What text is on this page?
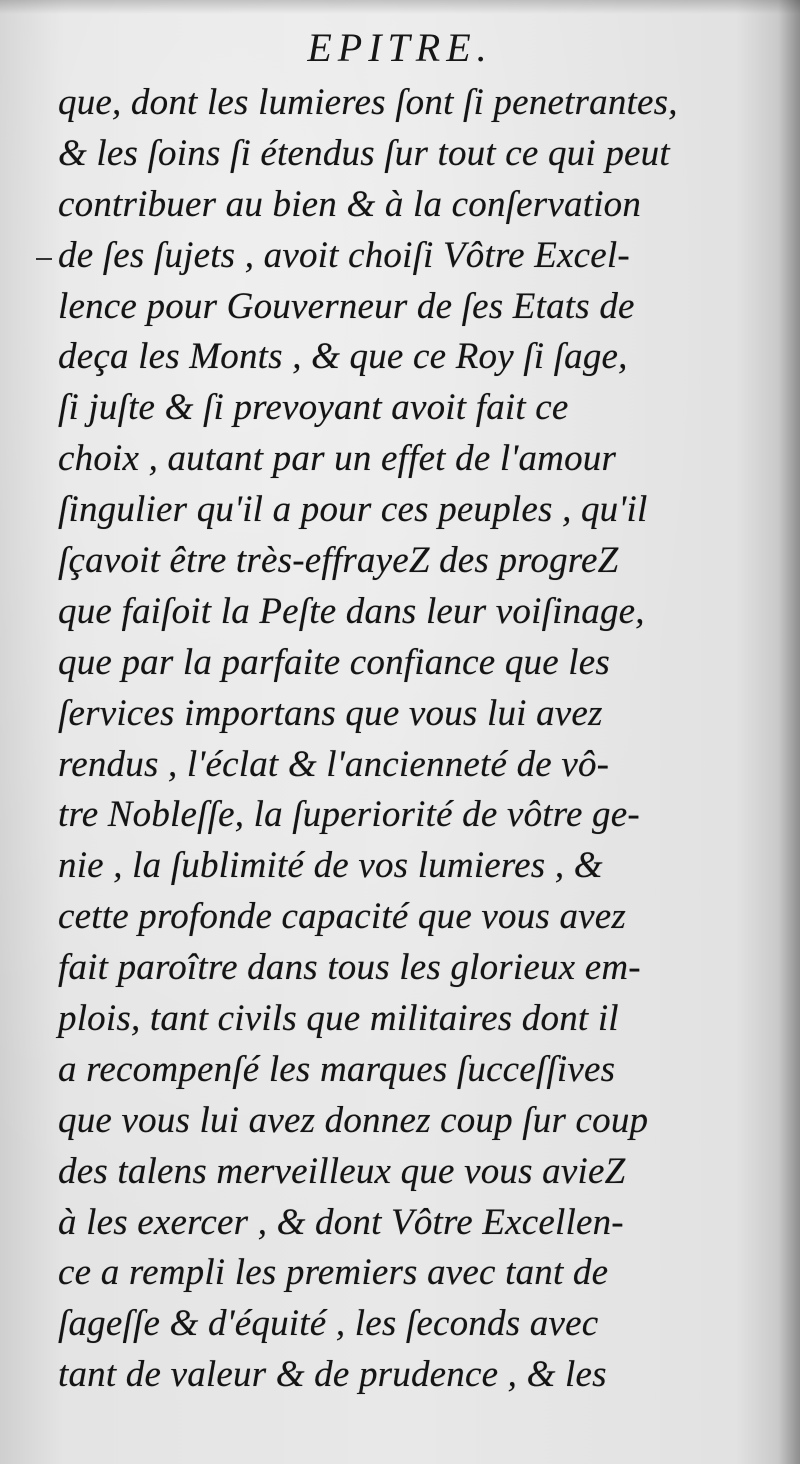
EPITRE.
que, dont les lumieres ſont ſi penetrantes,
& les ſoins ſi étendus ſur tout ce qui peut
contribuer au bien & à la conſervation
de ſes ſujets , avoit choiſi Vôtre Excel-
lence pour Gouverneur de ſes Etats de
deça les Monts , & que ce Roy ſi ſage,
ſi juſte & ſi prevoyant avoit fait ce
choix , autant par un effet de l'amour
ſingulier qu'il a pour ces peuples , qu'il
ſçavoit être très-effrayeZ des progreZ
que faiſoit la Peſte dans leur voiſinage,
que par la parfaite confiance que les
ſervices importans que vous lui avez
rendus , l'éclat & l'ancienneté de vô-
tre Nobleſſe, la ſuperiorité de vôtre ge-
nie , la ſublimité de vos lumieres , &
cette profonde capacité que vous avez
fait paroître dans tous les glorieux em-
plois, tant civils que militaires dont il
a recompenſé les marques ſucceſſives
que vous lui avez donnez coup ſur coup
des talens merveilleux que vous avieZ
à les exercer , & dont Vôtre Excellen-
ce a rempli les premiers avec tant de
ſageſſe & d'équité , les ſeconds avec
tant de valeur & de prudence , & les
